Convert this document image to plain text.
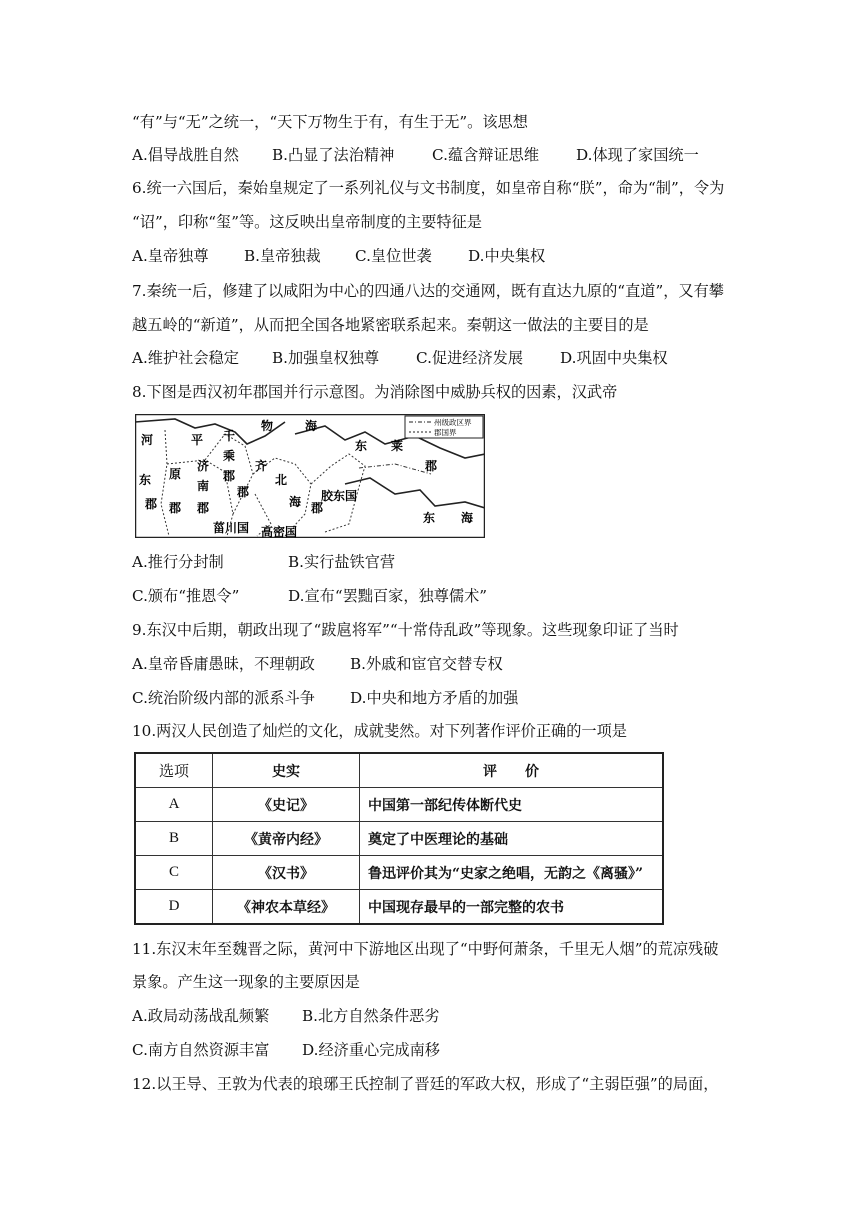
“有”与“无”之统一，“天下万物生于有，有生于无”。该思想
A.倡导战胜自然 B.凸显了法治精神 C.蕴含辩证思维 D.体现了家国统一
6.统一六国后，秦始皇规定了一系列礼仪与文书制度，如皇帝自称“朕”，命为“制”，令为
“诏”，印称“玺”等。这反映出皇帝制度的主要特征是
A.皇帝独尊 B.皇帝独裁 C.皇位世袭 D.中央集权
7.秦统一后，修建了以咸阳为中心的四通八达的交通网，既有直达九原的“直道”，又有攀
越五岭的“新道”，从而把全国各地紧密联系起来。秦朝这一做法的主要目的是
A.维护社会稳定 B.加强皇权独尊 C.促进经济发展 D.巩固中央集权
8.下图是西汉初年郡国并行示意图。为消除图中威胁兵权的因素，汉武帝
州级政区界
郡国界
河
东
郡
平
原
郡
千
乘
郡
济
南
郡
物	海
东 莱
郡
齐
郡
北
海 郡
胶东国
菑川国 高密国
东 海
A.推行分封制	B.实行盐铁官营
C.颁布“推恩令”	D.宣布“罢黜百家，独尊儒术”
9.东汉中后期，朝政出现了“跋扈将军”“十常侍乱政”等现象。这些现象印证了当时
A.皇帝昏庸愚昧，不理朝政 B.外戚和宦官交替专权
C.统治阶级内部的派系斗争 D.中央和地方矛盾的加强
10.两汉人民创造了灿烂的文化，成就斐然。对下列著作评价正确的一项是
选项	史实	评　　价
A	《史记》	中国第一部纪传体断代史
B	《黄帝内经》	奠定了中医理论的基础
C	《汉书》	鲁迅评价其为“史家之绝唱，无韵之《离骚》”
D	《神农本草经》	中国现存最早的一部完整的农书
11.东汉末年至魏晋之际，黄河中下游地区出现了“中野何萧条，千里无人烟”的荒凉残破
景象。产生这一现象的主要原因是
A.政局动荡战乱频繁 B.北方自然条件恶劣
C.南方自然资源丰富 D.经济重心完成南移
12.以王导、王敦为代表的琅琊王氏控制了晋廷的军政大权，形成了“主弱臣强”的局面，
